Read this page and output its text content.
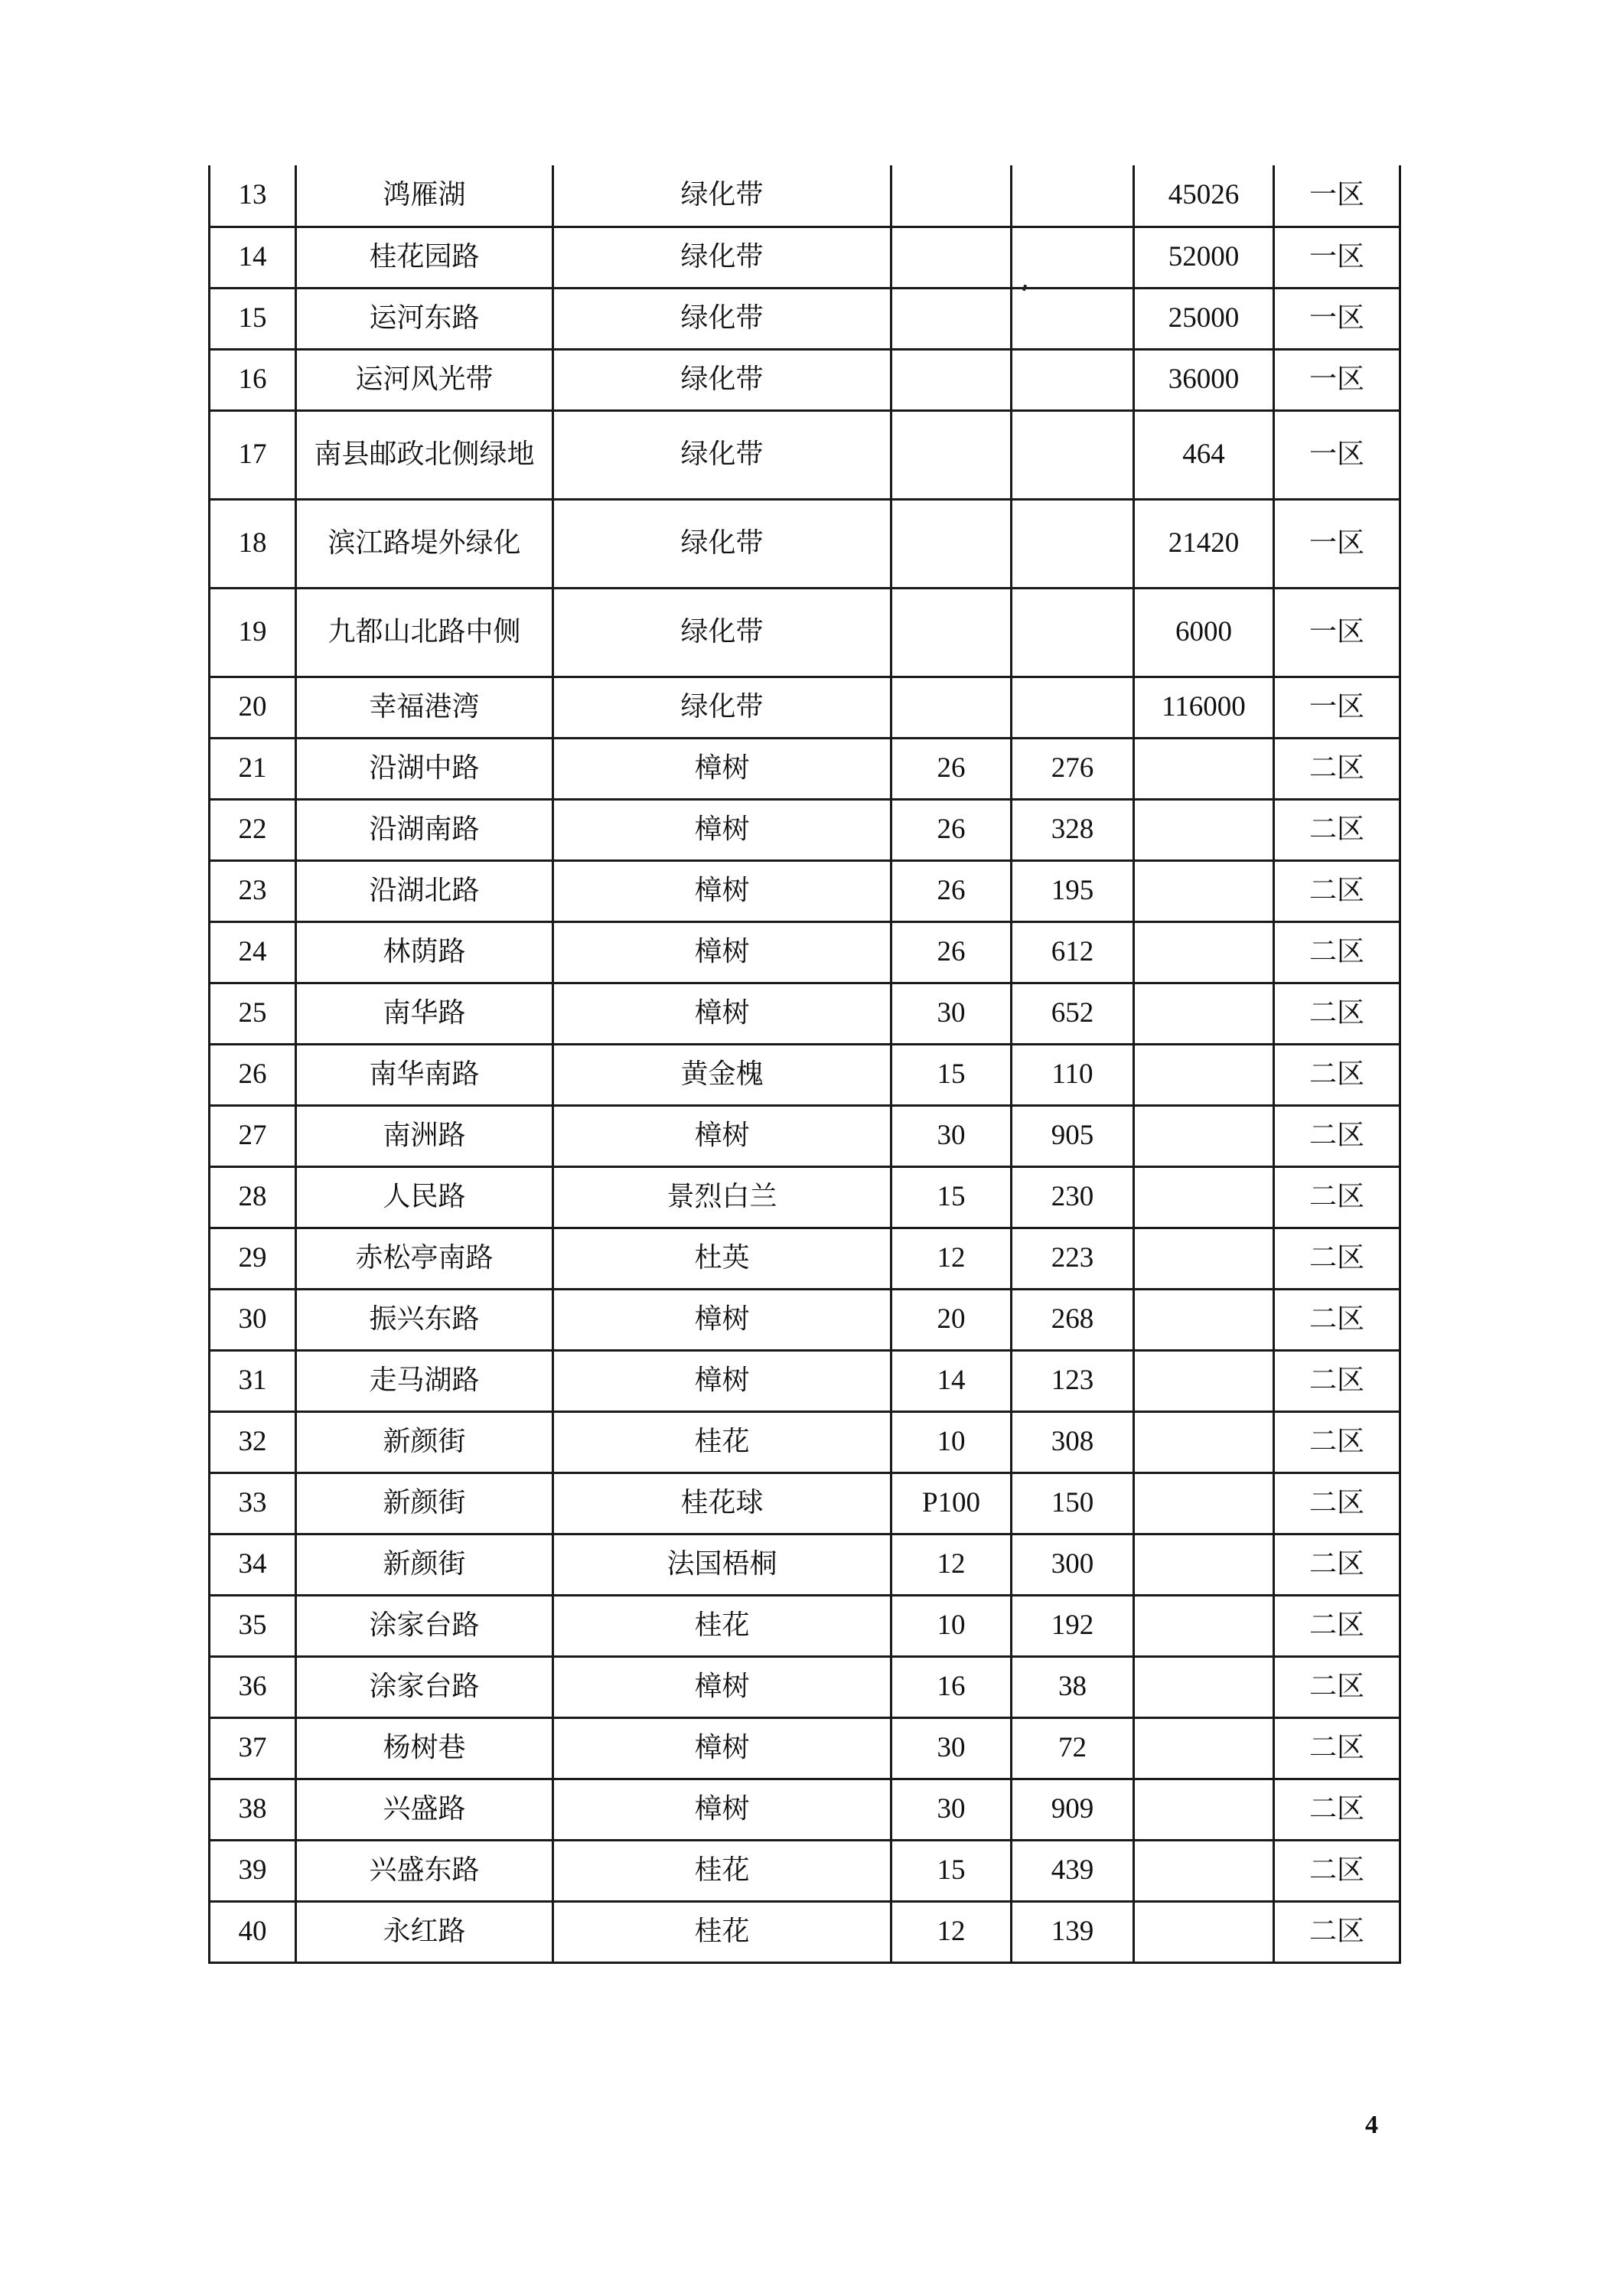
13	鸿雁湖	绿化带			45026	一区
14	桂花园路	绿化带			52000	一区
15	运河东路	绿化带			25000	一区
16	运河风光带	绿化带			36000	一区
17	南县邮政北侧绿地	绿化带			464	一区
18	滨江路堤外绿化	绿化带			21420	一区
19	九都山北路中侧	绿化带			6000	一区
20	幸福港湾	绿化带			116000	一区
21	沿湖中路	樟树	26	276		二区
22	沿湖南路	樟树	26	328		二区
23	沿湖北路	樟树	26	195		二区
24	林荫路	樟树	26	612		二区
25	南华路	樟树	30	652		二区
26	南华南路	黄金槐	15	110		二区
27	南洲路	樟树	30	905		二区
28	人民路	景烈白兰	15	230		二区
29	赤松亭南路	杜英	12	223		二区
30	振兴东路	樟树	20	268		二区
31	走马湖路	樟树	14	123		二区
32	新颜街	桂花	10	308		二区
33	新颜街	桂花球	P100	150		二区
34	新颜街	法国梧桐	12	300		二区
35	涂家台路	桂花	10	192		二区
36	涂家台路	樟树	16	38		二区
37	杨树巷	樟树	30	72		二区
38	兴盛路	樟树	30	909		二区
39	兴盛东路	桂花	15	439		二区
40	永红路	桂花	12	139		二区
4
